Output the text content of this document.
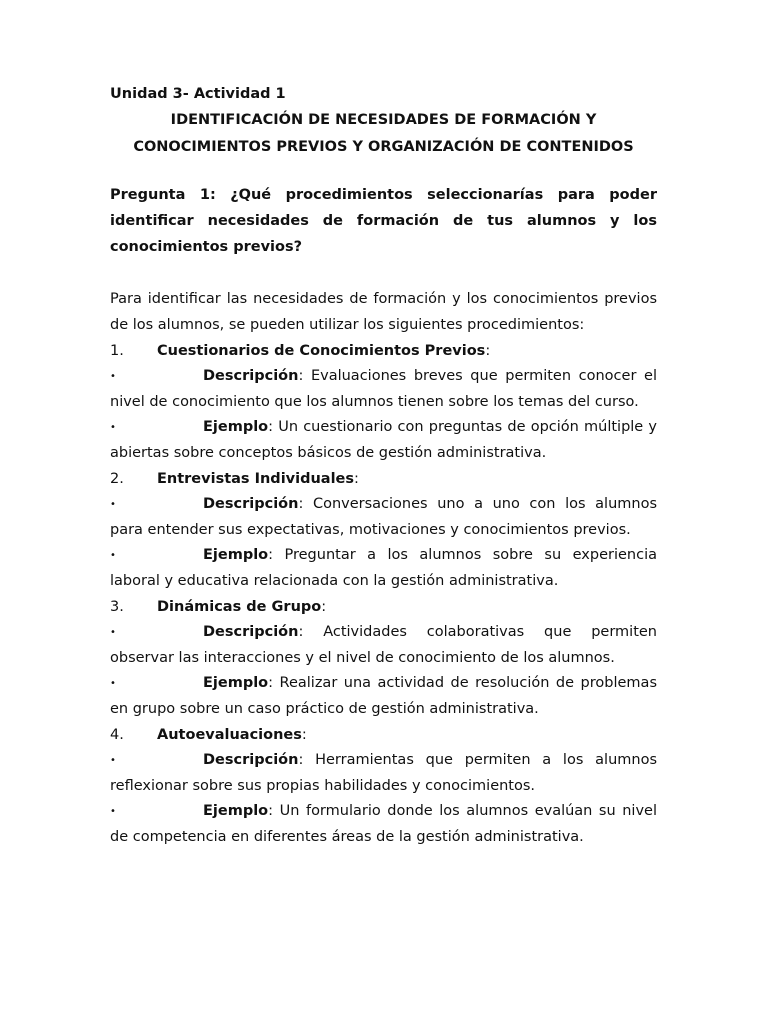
Unidad 3- Actividad 1

IDENTIFICACIÓN DE NECESIDADES DE FORMACIÓN Y

CONOCIMIENTOS PREVIOS Y ORGANIZACIÓN DE CONTENIDOS

Pregunta 1: ¿Qué procedimientos seleccionarías para poder identificar necesidades de formación de tus alumnos y los conocimientos previos?

Para identificar las necesidades de formación y los conocimientos previos de los alumnos, se pueden utilizar los siguientes procedimientos:

1. Cuestionarios de Conocimientos Previos:

•	Descripción: Evaluaciones breves que permiten conocer el nivel de conocimiento que los alumnos tienen sobre los temas del curso.

•	Ejemplo: Un cuestionario con preguntas de opción múltiple y abiertas sobre conceptos básicos de gestión administrativa.

2. Entrevistas Individuales:

•	Descripción: Conversaciones uno a uno con los alumnos para entender sus expectativas, motivaciones y conocimientos previos.

•	Ejemplo: Preguntar a los alumnos sobre su experiencia laboral y educativa relacionada con la gestión administrativa.

3. Dinámicas de Grupo:

•	Descripción: Actividades colaborativas que permiten observar las interacciones y el nivel de conocimiento de los alumnos.

•	Ejemplo: Realizar una actividad de resolución de problemas en grupo sobre un caso práctico de gestión administrativa.

4. Autoevaluaciones:

•	Descripción: Herramientas que permiten a los alumnos reflexionar sobre sus propias habilidades y conocimientos.

•	Ejemplo: Un formulario donde los alumnos evalúan su nivel de competencia en diferentes áreas de la gestión administrativa.
